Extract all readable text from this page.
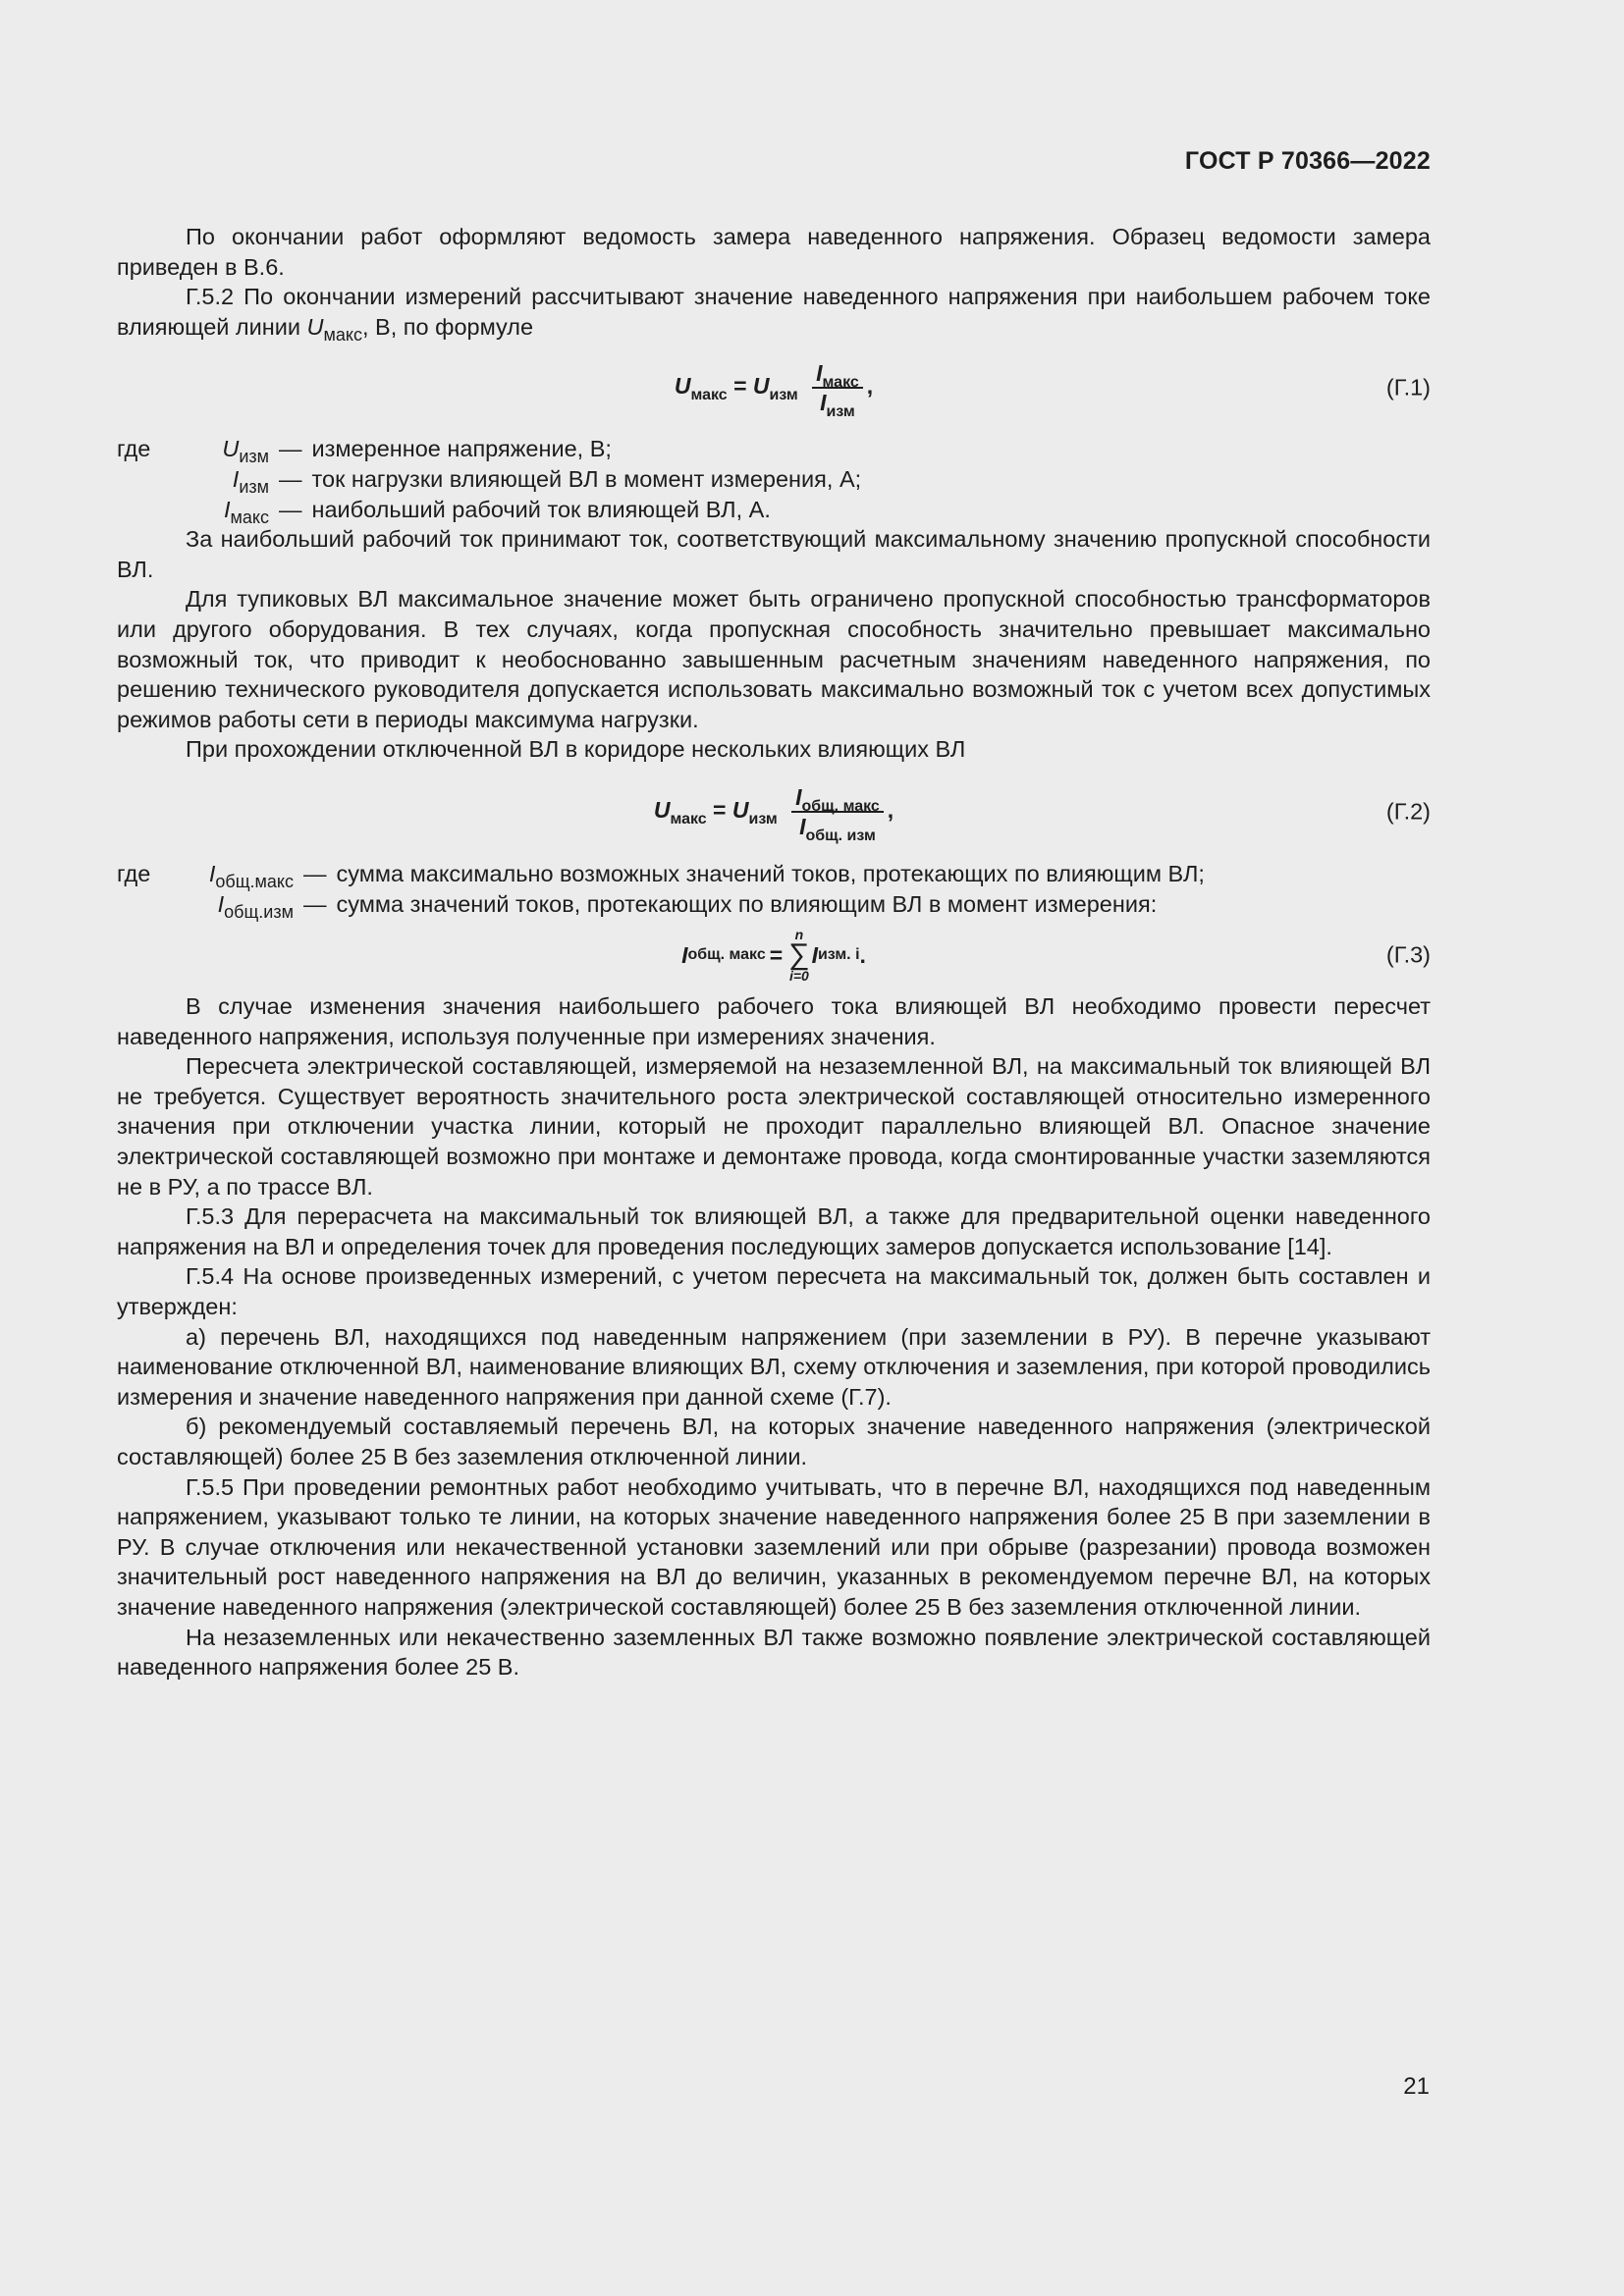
ГОСТ Р 70366—2022

По окончании работ оформляют ведомость замера наведенного напряжения. Образец ведомости замера приведен в В.6.

Г.5.2 По окончании измерений рассчитывают значение наведенного напряжения при наибольшем рабочем токе влияющей линии $U_{макс}$, В, по формуле

$U_{макс} = U_{изм} \frac{I_{макс}}{I_{изм}}$ ,	(Г.1)
где	$U_{изм}$ — измеренное напряжение, В;
$I_{изм}$ — ток нагрузки влияющей ВЛ в момент измерения, А;
$I_{макс}$ — наибольший рабочий ток влияющей ВЛ, А.

За наибольший рабочий ток принимают ток, соответствующий максимальному значению пропускной способности ВЛ.

Для тупиковых ВЛ максимальное значение может быть ограничено пропускной способностью трансформаторов или другого оборудования. В тех случаях, когда пропускная способность значительно превышает максимально возможный ток, что приводит к необоснованно завышенным расчетным значениям наведенного напряжения, по решению технического руководителя допускается использовать максимально возможный ток с учетом всех допустимых режимов работы сети в периоды максимума нагрузки.

При прохождении отключенной ВЛ в коридоре нескольких влияющих ВЛ

$U_{макс} = U_{изм} \frac{I_{общ. макс}}{I_{общ. изм}}$ ,	(Г.2)
где	$I_{общ.макс}$ — сумма максимально возможных значений токов, протекающих по влияющим ВЛ;
$I_{общ.изм}$ — сумма значений токов, протекающих по влияющим ВЛ в момент измерения:
I общ. макс =
n
∑
i=0
I изм. i .	(Г.3)

В случае изменения значения наибольшего рабочего тока влияющей ВЛ необходимо провести пересчет наведенного напряжения, используя полученные при измерениях значения.

Пересчета электрической составляющей, измеряемой на незаземленной ВЛ, на максимальный ток влияющей ВЛ не требуется. Существует вероятность значительного роста электрической составляющей относительно измеренного значения при отключении участка линии, который не проходит параллельно влияющей ВЛ. Опасное значение электрической составляющей возможно при монтаже и демонтаже провода, когда смонтированные участки заземляются не в РУ, а по трассе ВЛ.

Г.5.3 Для перерасчета на максимальный ток влияющей ВЛ, а также для предварительной оценки наведенного напряжения на ВЛ и определения точек для проведения последующих замеров допускается использование [14].

Г.5.4 На основе произведенных измерений, с учетом пересчета на максимальный ток, должен быть составлен и утвержден:

а) перечень ВЛ, находящихся под наведенным напряжением (при заземлении в РУ). В перечне указывают наименование отключенной ВЛ, наименование влияющих ВЛ, схему отключения и заземления, при которой проводились измерения и значение наведенного напряжения при данной схеме (Г.7).

б) рекомендуемый составляемый перечень ВЛ, на которых значение наведенного напряжения (электрической составляющей) более 25 В без заземления отключенной линии.

Г.5.5 При проведении ремонтных работ необходимо учитывать, что в перечне ВЛ, находящихся под наведенным напряжением, указывают только те линии, на которых значение наведенного напряжения более 25 В при заземлении в РУ. В случае отключения или некачественной установки заземлений или при обрыве (разрезании) провода возможен значительный рост наведенного напряжения на ВЛ до величин, указанных в рекомендуемом перечне ВЛ, на которых значение наведенного напряжения (электрической составляющей) более 25 В без заземления отключенной линии.

На незаземленных или некачественно заземленных ВЛ также возможно появление электрической составляющей наведенного напряжения более 25 В.

21
